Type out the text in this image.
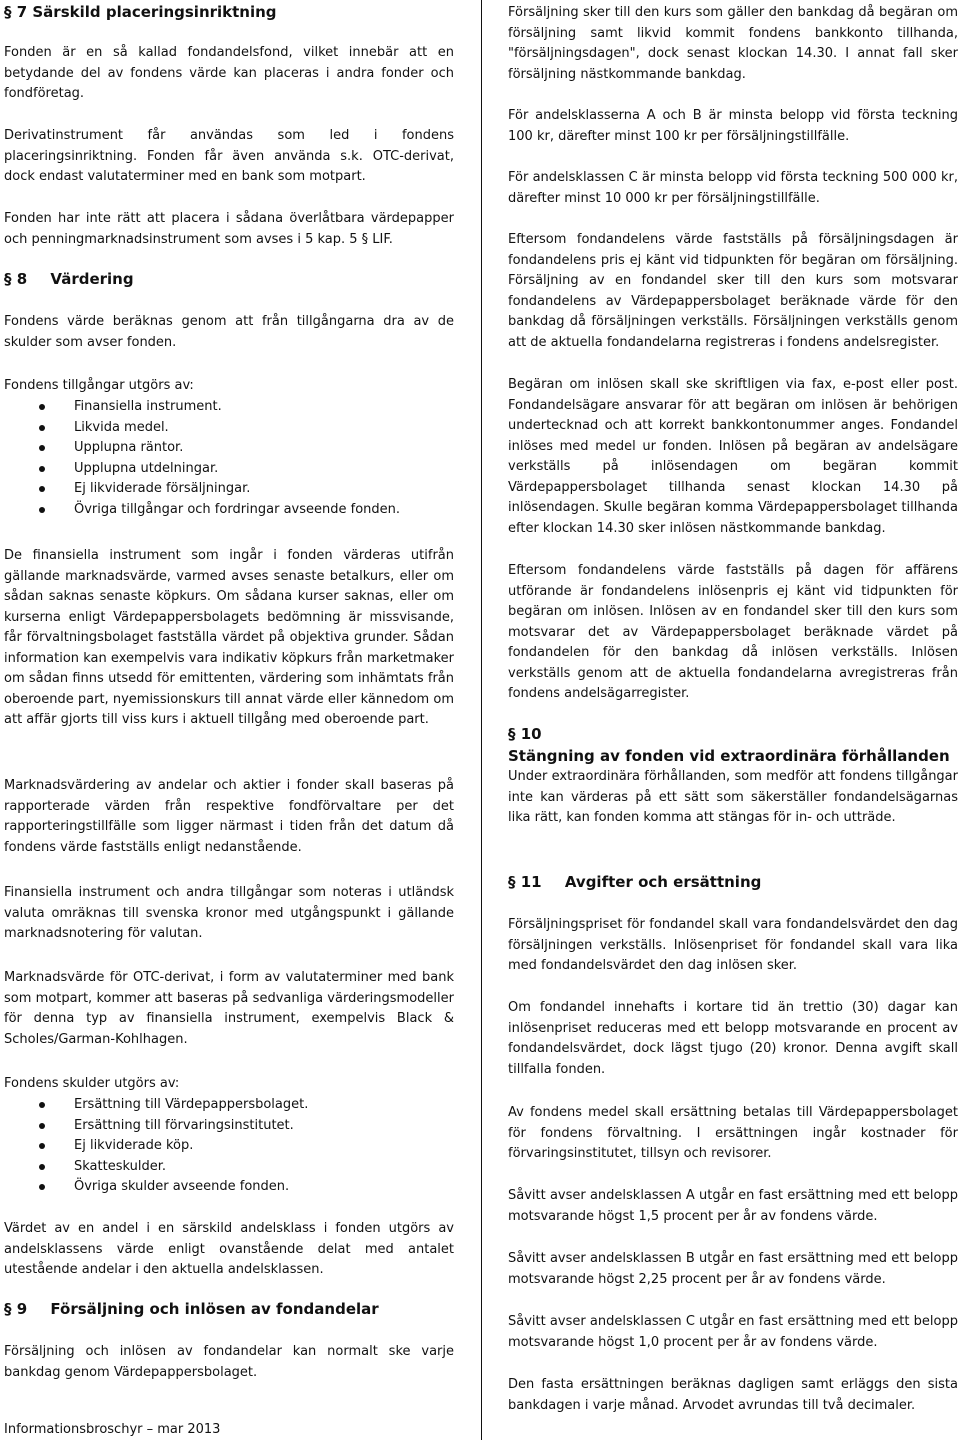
§ 7 Särskild placeringsinriktning

Fonden är en så kallad fondandelsfond, vilket innebär att en betydande del av fondens värde kan placeras i andra fonder och fondföretag.

Derivatinstrument får användas som led i fondens placeringsinriktning. Fonden får även använda s.k. OTC-derivat, dock endast valutaterminer med en bank som motpart.

Fonden har inte rätt att placera i sådana överlåtbara värdepapper och penningmarknadsinstrument som avses i 5 kap. 5 § LIF.

§ 8 Värdering

Fondens värde beräknas genom att från tillgångarna dra av de skulder som avser fonden.

Fondens tillgångar utgörs av:

Finansiella instrument.
Likvida medel.
Upplupna räntor.
Upplupna utdelningar.
Ej likviderade försäljningar.
Övriga tillgångar och fordringar avseende fonden.

De finansiella instrument som ingår i fonden värderas utifrån gällande marknadsvärde, varmed avses senaste betalkurs, eller om sådan saknas senaste köpkurs. Om sådana kurser saknas, eller om kurserna enligt Värdepappersbolagets bedömning är missvisande, får förvaltningsbolaget fastställa värdet på objektiva grunder. Sådan information kan exempelvis vara indikativ köpkurs från marketmaker om sådan finns utsedd för emittenten, värdering som inhämtats från oberoende part, nyemissionskurs till annat värde eller kännedom om att affär gjorts till viss kurs i aktuell tillgång med oberoende part.

Marknadsvärdering av andelar och aktier i fonder skall baseras på rapporterade värden från respektive fondförvaltare per det rapporteringstillfälle som ligger närmast i tiden från det datum då fondens värde fastställs enligt nedanstående.

Finansiella instrument och andra tillgångar som noteras i utländsk valuta omräknas till svenska kronor med utgångspunkt i gällande marknadsnotering för valutan.

Marknadsvärde för OTC-derivat, i form av valutaterminer med bank som motpart, kommer att baseras på sedvanliga värderingsmodeller för denna typ av finansiella instrument, exempelvis Black & Scholes/Garman-Kohlhagen.

Fondens skulder utgörs av:

Ersättning till Värdepappersbolaget.
Ersättning till förvaringsinstitutet.
Ej likviderade köp.
Skatteskulder.
Övriga skulder avseende fonden.

Värdet av en andel i en särskild andelsklass i fonden utgörs av andelsklassens värde enligt ovanstående delat med antalet utestående andelar i den aktuella andelsklassen.

§ 9 Försäljning och inlösen av fondandelar

Försäljning och inlösen av fondandelar kan normalt ske varje bankdag genom Värdepappersbolaget.

Informationsbroschyr – mar 2013

Försäljning sker till den kurs som gäller den bankdag då begäran om försäljning samt likvid kommit fondens bankkonto tillhanda, "försäljningsdagen", dock senast klockan 14.30. I annat fall sker försäljning nästkommande bankdag.

För andelsklasserna A och B är minsta belopp vid första teckning 100 kr, därefter minst 100 kr per försäljningstillfälle.

För andelsklassen C är minsta belopp vid första teckning 500 000 kr, därefter minst 10 000 kr per försäljningstillfälle.

Eftersom fondandelens värde fastställs på försäljningsdagen är fondandelens pris ej känt vid tidpunkten för begäran om försäljning. Försäljning av en fondandel sker till den kurs som motsvarar fondandelens av Värdepappersbolaget beräknade värde för den bankdag då försäljningen verkställs. Försäljningen verkställs genom att de aktuella fondandelarna registreras i fondens andelsregister.

Begäran om inlösen skall ske skriftligen via fax, e-post eller post. Fondandelsägare ansvarar för att begäran om inlösen är behörigen undertecknad och att korrekt bankkontonummer anges. Fondandel inlöses med medel ur fonden. Inlösen på begäran av andelsägare verkställs på inlösendagen om begäran kommit Värdepappersbolaget tillhanda senast klockan 14.30 på inlösendagen. Skulle begäran komma Värdepappersbolaget tillhanda efter klockan 14.30 sker inlösen nästkommande bankdag.

Eftersom fondandelens värde fastställs på dagen för affärens utförande är fondandelens inlösenpris ej känt vid tidpunkten för begäran om inlösen. Inlösen av en fondandel sker till den kurs som motsvarar det av Värdepappersbolaget beräknade värdet på fondandelen för den bankdag då inlösen verkställs. Inlösen verkställs genom att de aktuella fondandelarna avregistreras från fondens andelsägarregister.

§ 10 Stängning av fonden vid extraordinära förhållanden

Under extraordinära förhållanden, som medför att fondens tillgångar inte kan värderas på ett sätt som säkerställer fondandelsägarnas lika rätt, kan fonden komma att stängas för in- och utträde.

§ 11 Avgifter och ersättning

Försäljningspriset för fondandel skall vara fondandelsvärdet den dag försäljningen verkställs. Inlösenpriset för fondandel skall vara lika med fondandelsvärdet den dag inlösen sker.

Om fondandel innehafts i kortare tid än trettio (30) dagar kan inlösenpriset reduceras med ett belopp motsvarande en procent av fondandelsvärdet, dock lägst tjugo (20) kronor. Denna avgift skall tillfalla fonden.

Av fondens medel skall ersättning betalas till Värdepappersbolaget för fondens förvaltning. I ersättningen ingår kostnader för förvaringsinstitutet, tillsyn och revisorer.

Såvitt avser andelsklassen A utgår en fast ersättning med ett belopp motsvarande högst 1,5 procent per år av fondens värde.

Såvitt avser andelsklassen B utgår en fast ersättning med ett belopp motsvarande högst 2,25 procent per år av fondens värde.

Såvitt avser andelsklassen C utgår en fast ersättning med ett belopp motsvarande högst 1,0 procent per år av fondens värde.

Den fasta ersättningen beräknas dagligen samt erläggs den sista bankdagen i varje månad. Arvodet avrundas till två decimaler.
